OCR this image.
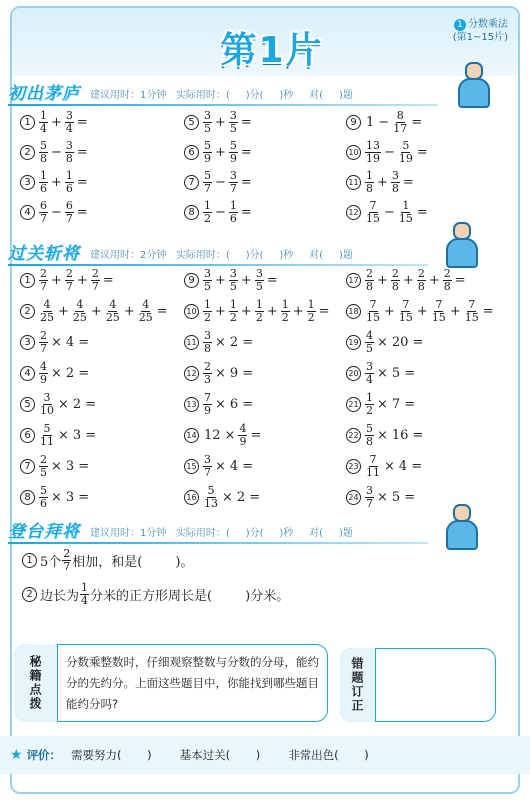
第1片
1 分数乘法
(第1~15片)
初出茅庐 建议用时：1分钟   实际用时：(     )分(     )秒     对(     )题
$1 \frac{1}{4} + \frac{3}{4}$ =
$2 \frac{5}{8} - \frac{3}{8}$ =
$3 \frac{1}{6} + \frac{1}{6}$ =
$4 \frac{6}{7} - \frac{6}{7}$ =
$5 \frac{3}{5} + \frac{3}{5}$ =
$6 \frac{5}{9} + \frac{5}{9}$ =
$7 \frac{5}{7} - \frac{3}{7}$ =
$8 \frac{1}{2} - \frac{1}{6}$ =
9 $1 - \frac{8}{17}$ =
$10 \frac{13}{19} - \frac{5}{19}$ =
$11 \frac{1}{8} + \frac{3}{8}$ =
$12 \frac{7}{15} - \frac{1}{15}$ =
过关斩将 建议用时：2分钟   实际用时：(     )分(     )秒     对(     )题
$1 \frac{2}{7} + \frac{2}{7} + \frac{2}{7}$ =
$2 \frac{4}{25} + \frac{4}{25} + \frac{4}{25} + \frac{4}{25}$ =
$3 \frac{2}{7} \times 4$ =
$4 \frac{4}{9} \times 2$ =
$5 \frac{3}{10} \times 2$ =
$6 \frac{5}{11} \times 3$ =
$7 \frac{2}{5} \times 3$ =
$8 \frac{5}{6} \times 3$ =
$9 \frac{3}{5} + \frac{3}{5} + \frac{3}{5}$ =
$10 \frac{1}{2} + \frac{1}{2} + \frac{1}{2} + \frac{1}{2} + \frac{1}{2}$ =
$11 \frac{3}{8} \times 2$ =
$12 \frac{2}{3} \times 9$ =
$13 \frac{7}{9} \times 6$ =
14 $12 \times \frac{4}{9}$ =
$15 \frac{3}{7} \times 4$ =
$16 \frac{5}{13} \times 2$ =
$17 \frac{2}{8} + \frac{2}{8} + \frac{2}{8} + \frac{2}{8}$ =
$18 \frac{7}{15} + \frac{7}{15} + \frac{7}{15} + \frac{7}{15}$ =
$19 \frac{4}{5} \times 20$ =
$20 \frac{3}{4} \times 5$ =
$21 \frac{1}{2} \times 7$ =
$22 \frac{5}{8} \times 16$ =
$23 \frac{7}{11} \times 4$ =
$24 \frac{3}{7} \times 5$ =
登台拜将 建议用时：1分钟   实际用时：(     )分(     )秒     对(     )题
1 5个 $\frac{2}{7}$ 相加，和是(        )。
2 边长为 $\frac{1}{4}$ 分米的正方形周长是(        )分米。
秘籍点拨 分数乘整数时，仔细观察整数与分数的分母，能约分的先约分。上面这些题目中，你能找到哪些题目能约分吗?	错题订正
★ 评价： 需要努力(       ) 基本过关(       ) 非常出色(       )
